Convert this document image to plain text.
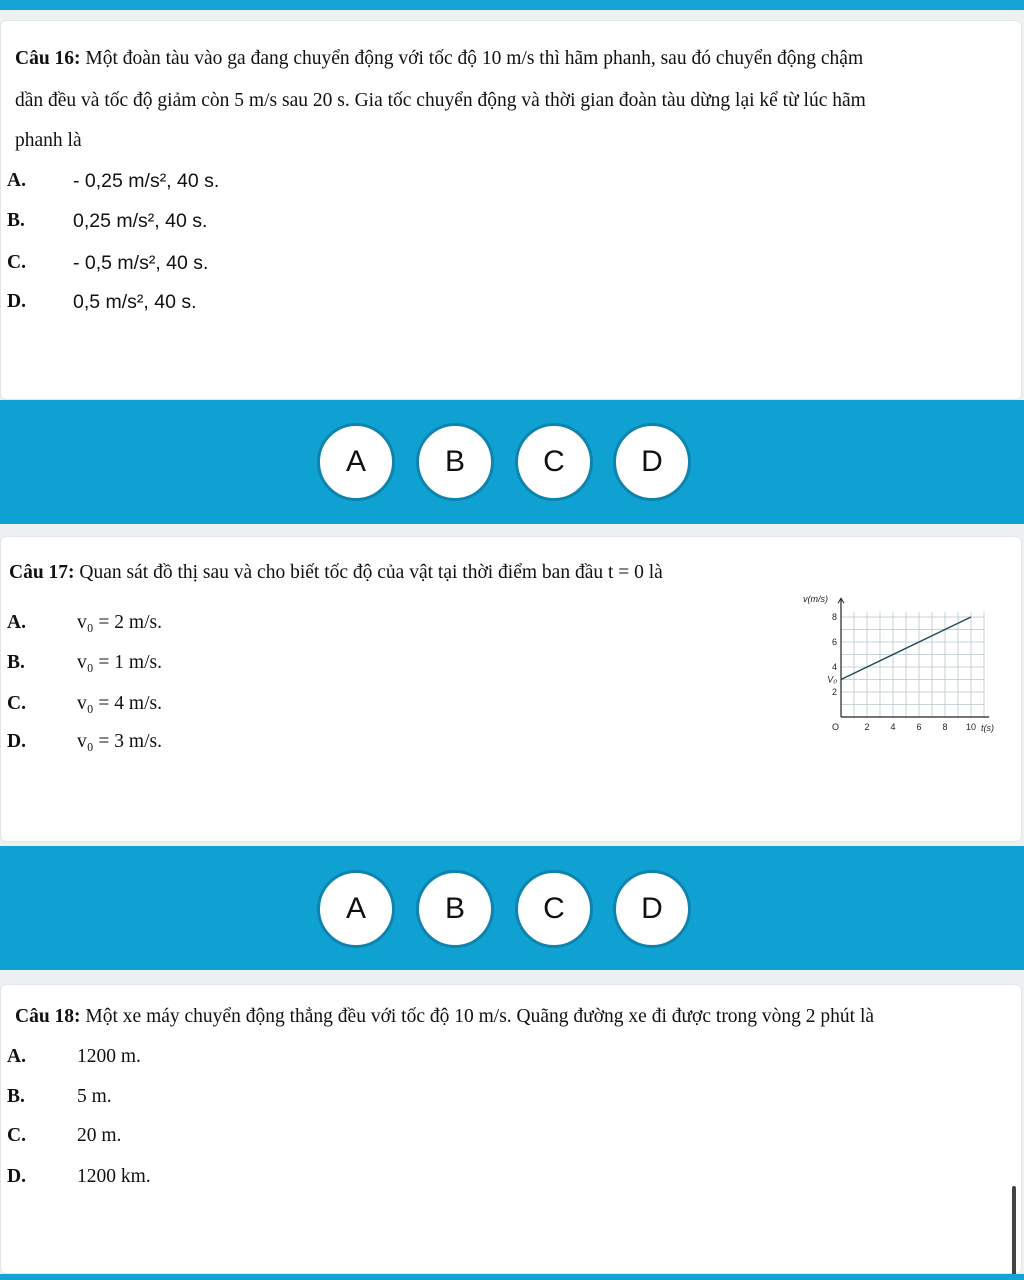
Câu 16: Một đoàn tàu vào ga đang chuyển động với tốc độ 10 m/s thì hãm phanh, sau đó chuyển động chậm
dần đều và tốc độ giảm còn 5 m/s sau 20 s. Gia tốc chuyển động và thời gian đoàn tàu dừng lại kể từ lúc hãm
phanh là
A. - 0,25 m/s², 40 s.
B. 0,25 m/s², 40 s.
C. - 0,5 m/s², 40 s.
D. 0,5 m/s², 40 s.
A	B	C	D
Câu 17: Quan sát đồ thị sau và cho biết tốc độ của vật tại thời điểm ban đầu t = 0 là
A.	v₀ = 2 m/s.
B.	v₀ = 1 m/s.
C.	v₀ = 4 m/s.
D.	v₀ = 3 m/s.
v(m/s)
t(s)
O	2 4 6 8 10
2
4
6
8
V₀
A	B	C	D
Câu 18: Một xe máy chuyển động thẳng đều với tốc độ 10 m/s. Quãng đường xe đi được trong vòng 2 phút là
A.	1200 m.
B.	5 m.
C.	20 m.
D.	1200 km.
